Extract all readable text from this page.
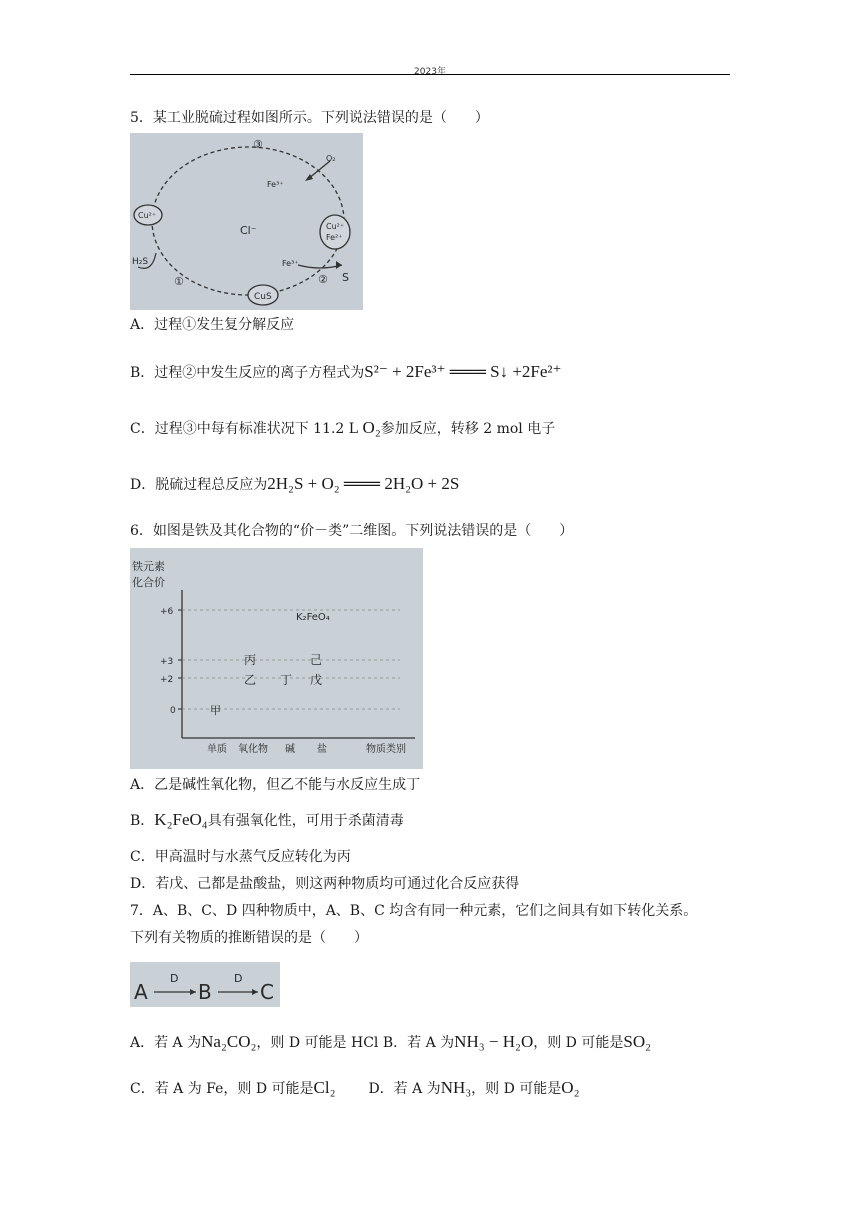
2023年
5．某工业脱硫过程如图所示。下列说法错误的是（　　）
③
O₂
Fe³⁺
Cu²⁺
Cl⁻	Cu²⁺
Fe²⁺
H₂S	Fe³⁺
①
CuS
② S
A．过程①发生复分解反应
B．过程②中发生反应的离子方程式为S²⁻ + 2Fe³⁺ ═══ S↓ +2Fe²⁺
C．过程③中每有标准状况下 11.2 L O₂参加反应，转移 2 mol 电子
D．脱硫过程总反应为2H₂S + O₂ ═══ 2H₂O + 2S
6．如图是铁及其化合物的“价－类”二维图。下列说法错误的是（　　）
铁元素
化合价
+6
+3
+2
0
单质 氧化物 碱 盐	物质类别
K₂FeO₄
丙	己
乙 丁 戊
甲
A．乙是碱性氧化物，但乙不能与水反应生成丁
B．K₂FeO₄具有强氧化性，可用于杀菌清毒
C．甲高温时与水蒸气反应转化为丙
D．若戊、己都是盐酸盐，则这两种物质均可通过化合反应获得
7．A、B、C、D 四种物质中，A、B、C 均含有同一种元素，它们之间具有如下转化关系。
下列有关物质的推断错误的是（　　）
A
D
B
D
C
A．若 A 为Na₂CO₂，则 D 可能是 HCl B．若 A 为NH₃ − H₂O，则 D 可能是SO₂
C．若 A 为 Fe，则 D 可能是Cl₂ D．若 A 为NH₃，则 D 可能是O₂
